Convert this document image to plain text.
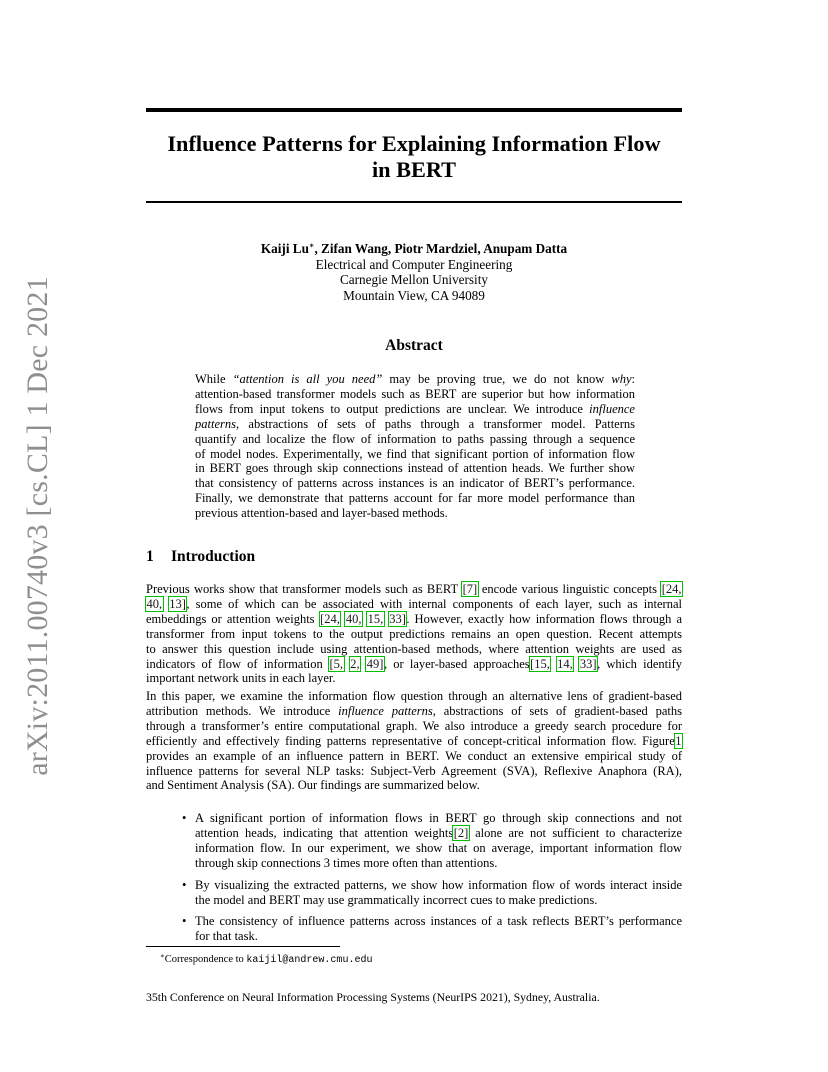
arXiv:2011.00740v3 [cs.CL] 1 Dec 2021
Influence Patterns for Explaining Information Flow
in BERT
Kaiji Lu∗, Zifan Wang, Piotr Mardziel, Anupam Datta
Electrical and Computer Engineering
Carnegie Mellon University
Mountain View, CA 94089
Abstract
While “attention is all you need” may be proving true, we do not know why:
attention-based transformer models such as BERT are superior but how information
flows from input tokens to output predictions are unclear. We introduce influence
patterns, abstractions of sets of paths through a transformer model. Patterns
quantify and localize the flow of information to paths passing through a sequence
of model nodes. Experimentally, we find that significant portion of information flow
in BERT goes through skip connections instead of attention heads. We further show
that consistency of patterns across instances is an indicator of BERT’s performance.
Finally, we demonstrate that patterns account for far more model performance than
previous attention-based and layer-based methods.
1 Introduction
Previous works show that transformer models such as BERT [7] encode various linguistic concepts [24,
40, 13], some of which can be associated with internal components of each layer, such as internal
embeddings or attention weights [24, 40, 15, 33]. However, exactly how information flows through a
transformer from input tokens to the output predictions remains an open question. Recent attempts
to answer this question include using attention-based methods, where attention weights are used as
indicators of flow of information [5, 2, 49], or layer-based approaches[15, 14, 33], which identify
important network units in each layer.
In this paper, we examine the information flow question through an alternative lens of gradient-based
attribution methods. We introduce influence patterns, abstractions of sets of gradient-based paths
through a transformer’s entire computational graph. We also introduce a greedy search procedure for
efficiently and effectively finding patterns representative of concept-critical information flow. Figure1
provides an example of an influence pattern in BERT. We conduct an extensive empirical study of
influence patterns for several NLP tasks: Subject-Verb Agreement (SVA), Reflexive Anaphora (RA),
and Sentiment Analysis (SA). Our findings are summarized below.
• A significant portion of information flows in BERT go through skip connections and not
attention heads, indicating that attention weights[2] alone are not sufficient to characterize
information flow. In our experiment, we show that on average, important information flow
through skip connections 3 times more often than attentions.
• By visualizing the extracted patterns, we show how information flow of words interact inside
the model and BERT may use grammatically incorrect cues to make predictions.
• The consistency of influence patterns across instances of a task reflects BERT’s performance
for that task.
∗Correspondence to kaijil@andrew.cmu.edu
35th Conference on Neural Information Processing Systems (NeurIPS 2021), Sydney, Australia.
